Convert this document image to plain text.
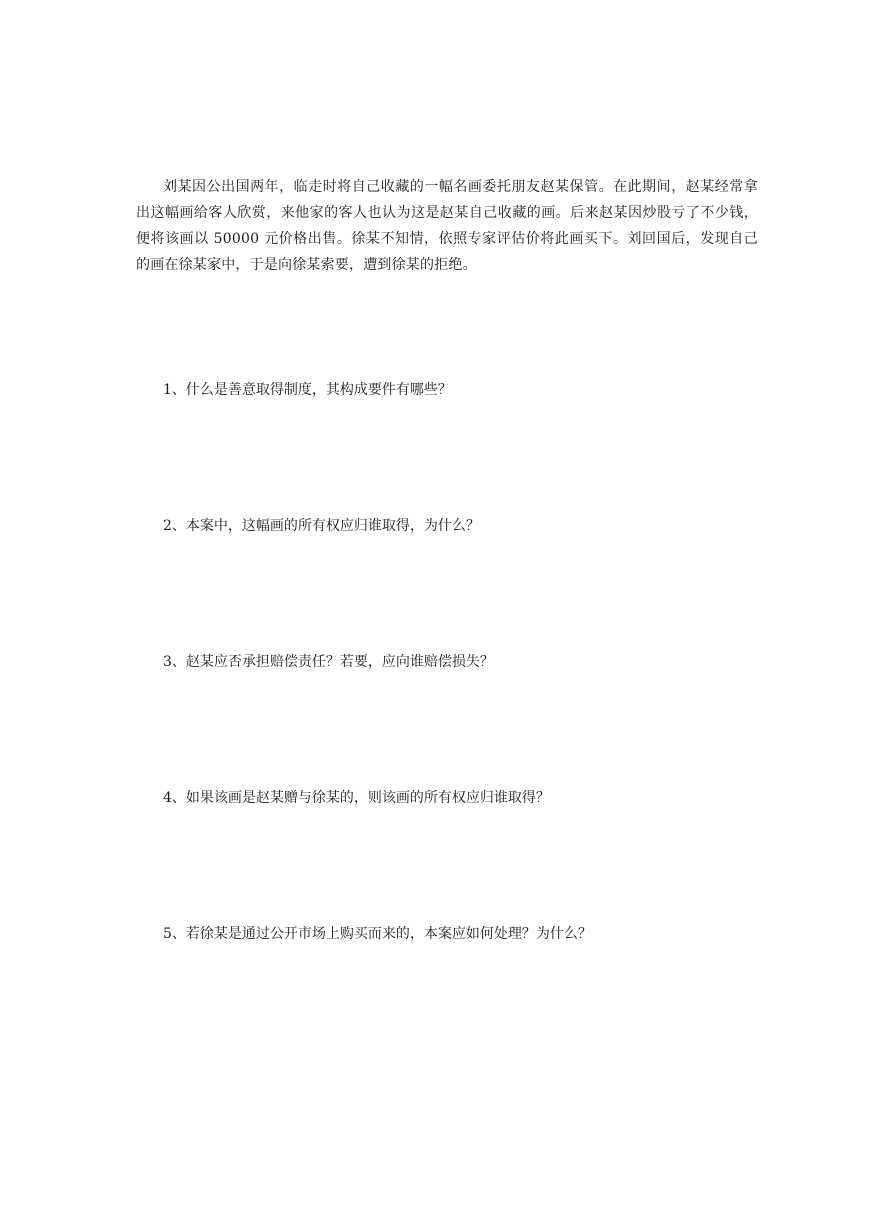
刘某因公出国两年，临走时将自己收藏的一幅名画委托朋友赵某保管。在此期间，赵某经常拿出这幅画给客人欣赏，来他家的客人也认为这是赵某自己收藏的画。后来赵某因炒股亏了不少钱，便将该画以 50000 元价格出售。徐某不知情，依照专家评估价将此画买下。刘回国后，发现自己的画在徐某家中，于是向徐某索要，遭到徐某的拒绝。

1、什么是善意取得制度，其构成要件有哪些？

2、本案中，这幅画的所有权应归谁取得，为什么？

3、赵某应否承担赔偿责任？若要，应向谁赔偿损失？

4、如果该画是赵某赠与徐某的，则该画的所有权应归谁取得？

5、若徐某是通过公开市场上购买而来的，本案应如何处理？为什么？
